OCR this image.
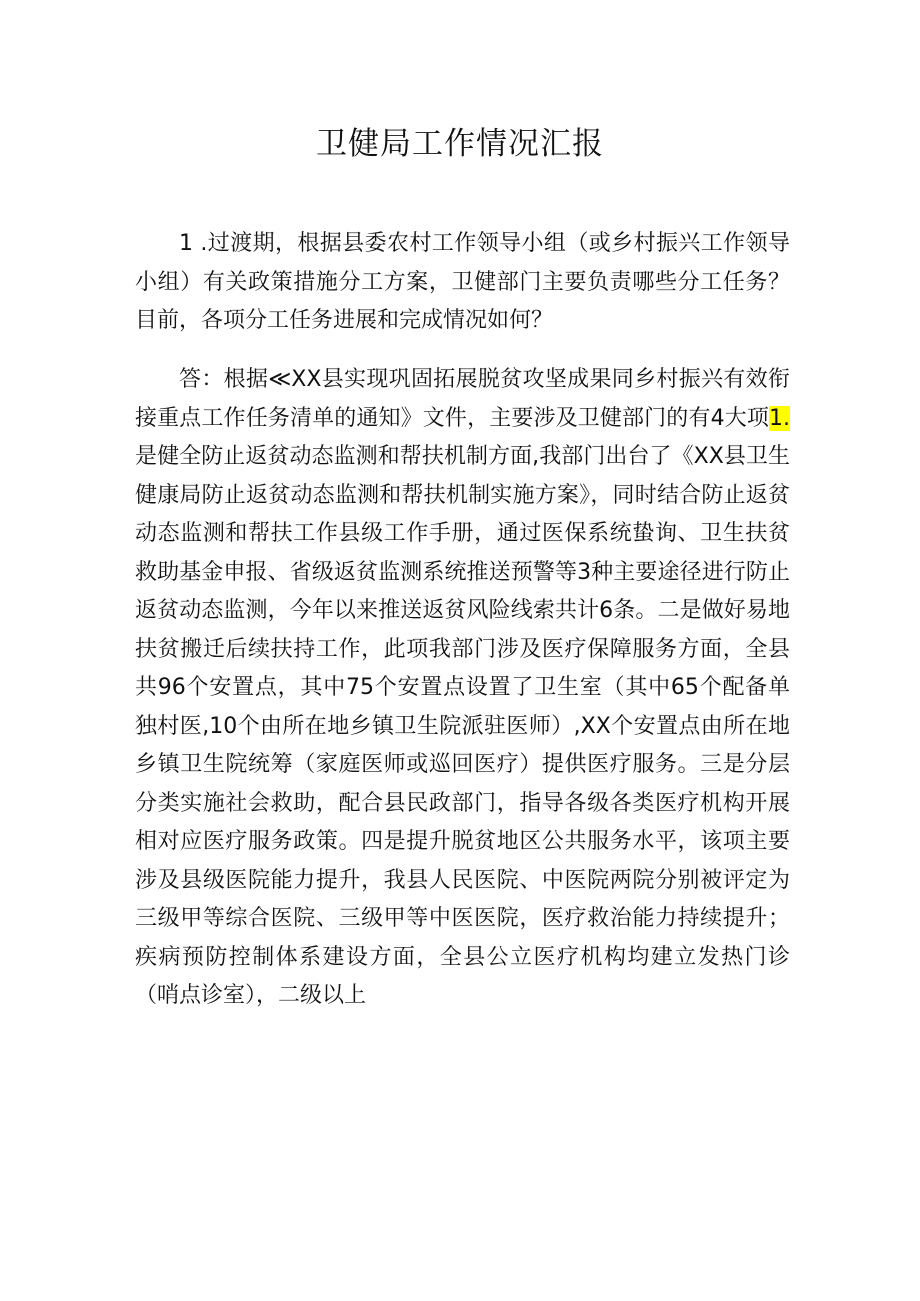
卫健局工作情况汇报

1 .过渡期，根据县委农村工作领导小组（或乡村振兴工作领导小组）有关政策措施分工方案，卫健部门主要负责哪些分工任务？目前，各项分工任务进展和完成情况如何？

答：根据≪XX县实现巩固拓展脱贫攻坚成果同乡村振兴有效衔接重点工作任务清单的通知》文件，主要涉及卫健部门的有4大项1.是健全防止返贫动态监测和帮扶机制方面,我部门出台了《XX县卫生健康局防止返贫动态监测和帮扶机制实施方案》，同时结合防止返贫动态监测和帮扶工作县级工作手册，通过医保系统蛰询、卫生扶贫救助基金申报、省级返贫监测系统推送预警等3种主要途径进行防止返贫动态监测，今年以来推送返贫风险线索共计6条。二是做好易地扶贫搬迁后续扶持工作，此项我部门涉及医疗保障服务方面，全县共96个安置点，其中75个安置点设置了卫生室（其中65个配备单独村医,10个由所在地乡镇卫生院派驻医师）,XX个安置点由所在地乡镇卫生院统筹（家庭医师或巡回医疗）提供医疗服务。三是分层分类实施社会救助，配合县民政部门，指导各级各类医疗机构开展相对应医疗服务政策。四是提升脱贫地区公共服务水平，该项主要涉及县级医院能力提升，我县人民医院、中医院两院分别被评定为三级甲等综合医院、三级甲等中医医院，医疗救治能力持续提升；疾病预防控制体系建设方面，全县公立医疗机构均建立发热门诊（哨点诊室），二级以上
